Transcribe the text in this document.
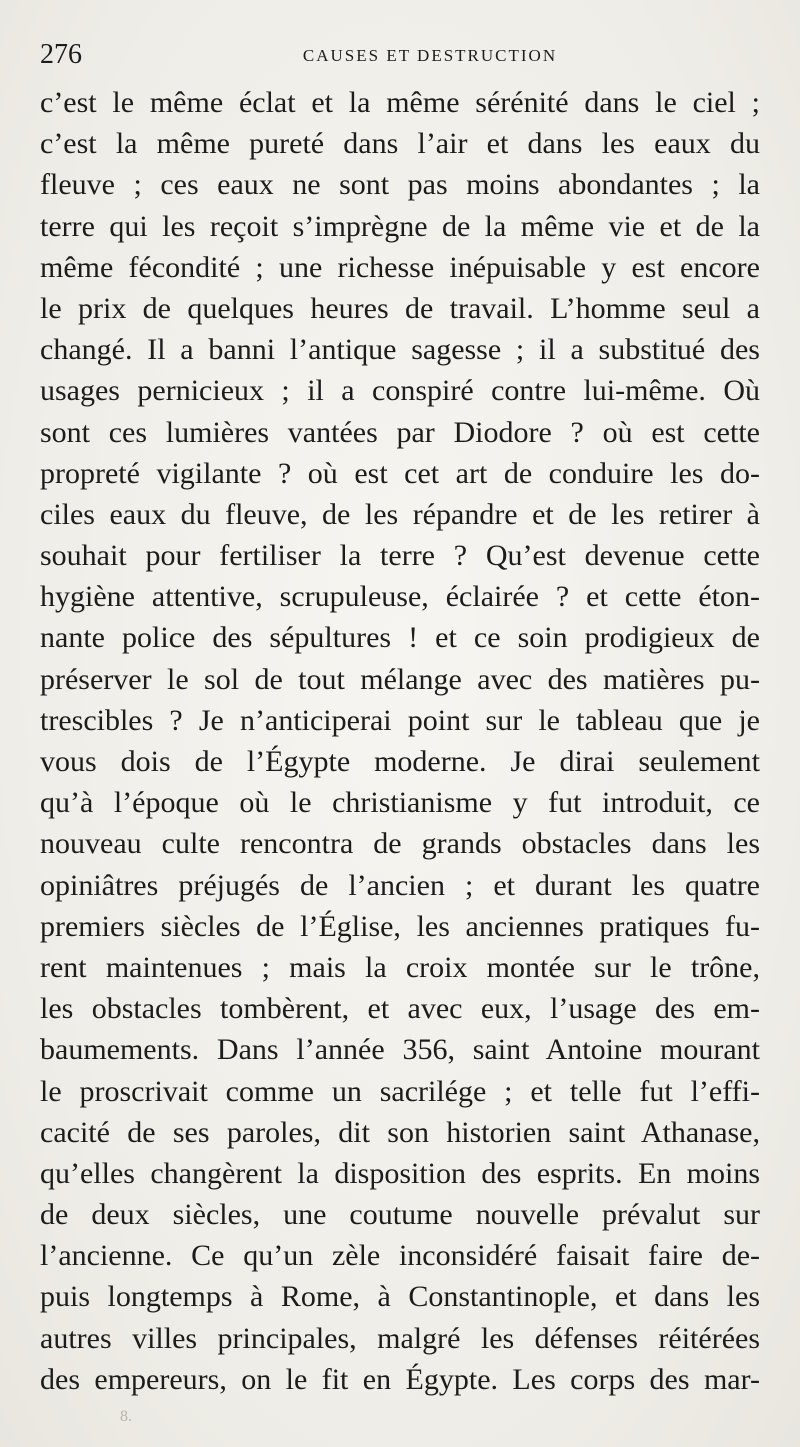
276	CAUSES ET DESTRUCTION
c’est le même éclat et la même sérénité dans le ciel ;
c’est la même pureté dans l’air et dans les eaux du
fleuve ; ces eaux ne sont pas moins abondantes ; la
terre qui les reçoit s’imprègne de la même vie et de la
même fécondité ; une richesse inépuisable y est encore
le prix de quelques heures de travail. L’homme seul a
changé. Il a banni l’antique sagesse ; il a substitué des
usages pernicieux ; il a conspiré contre lui-même. Où
sont ces lumières vantées par Diodore ? où est cette
propreté vigilante ? où est cet art de conduire les do-
ciles eaux du fleuve, de les répandre et de les retirer à
souhait pour fertiliser la terre ? Qu’est devenue cette
hygiène attentive, scrupuleuse, éclairée ? et cette éton-
nante police des sépultures ! et ce soin prodigieux de
préserver le sol de tout mélange avec des matières pu-
trescibles ? Je n’anticiperai point sur le tableau que je
vous dois de l’Égypte moderne. Je dirai seulement
qu’à l’époque où le christianisme y fut introduit, ce
nouveau culte rencontra de grands obstacles dans les
opiniâtres préjugés de l’ancien ; et durant les quatre
premiers siècles de l’Église, les anciennes pratiques fu-
rent maintenues ; mais la croix montée sur le trône,
les obstacles tombèrent, et avec eux, l’usage des em-
baumements. Dans l’année 356, saint Antoine mourant
le proscrivait comme un sacrilége ; et telle fut l’effi-
cacité de ses paroles, dit son historien saint Athanase,
qu’elles changèrent la disposition des esprits. En moins
de deux siècles, une coutume nouvelle prévalut sur
l’ancienne. Ce qu’un zèle inconsidéré faisait faire de-
puis longtemps à Rome, à Constantinople, et dans les
autres villes principales, malgré les défenses réitérées
des empereurs, on le fit en Égypte. Les corps des mar-
8.
